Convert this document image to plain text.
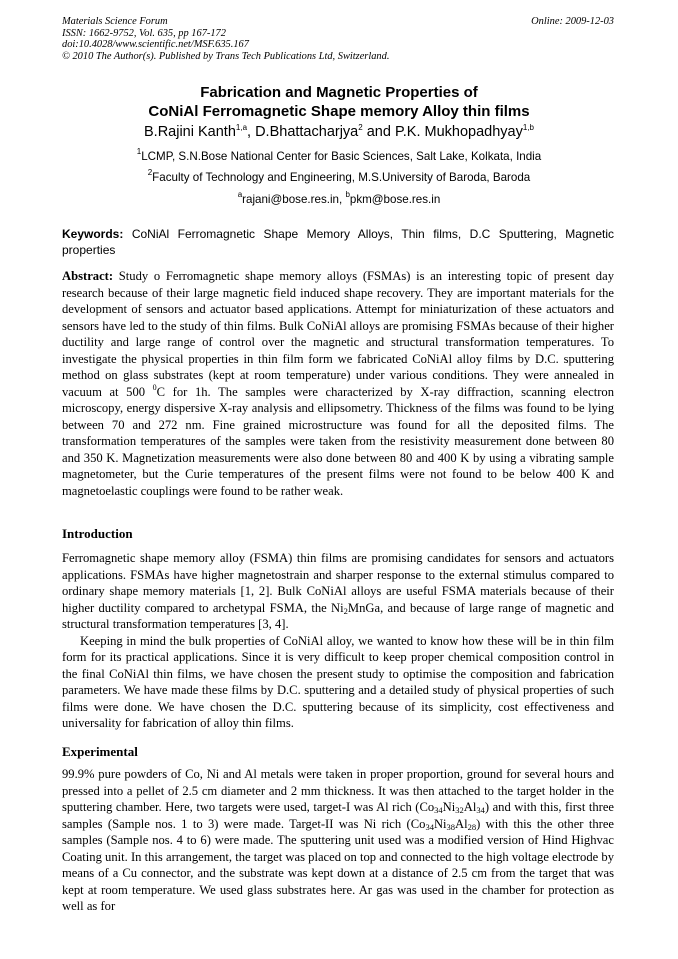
Materials Science Forum
ISSN: 1662-9752, Vol. 635, pp 167-172
doi:10.4028/www.scientific.net/MSF.635.167
© 2010 The Author(s). Published by Trans Tech Publications Ltd, Switzerland.
Online: 2009-12-03
Fabrication and Magnetic Properties of
CoNiAl Ferromagnetic Shape memory Alloy thin films
B.Rajini Kanth$^{1,a}$, D.Bhattacharjya$^2$ and P.K. Mukhopadhyay$^{1,b}$
$^1$LCMP, S.N.Bose National Center for Basic Sciences, Salt Lake, Kolkata, India
$^2$Faculty of Technology and Engineering, M.S.University of Baroda, Baroda
$^a$rajani@bose.res.in, $^b$pkm@bose.res.in
Keywords: CoNiAl Ferromagnetic Shape Memory Alloys, Thin films, D.C Sputtering, Magnetic properties
Abstract: Study o Ferromagnetic shape memory alloys (FSMAs) is an interesting topic of present day research because of their large magnetic field induced shape recovery. They are important materials for the development of sensors and actuator based applications. Attempt for miniaturization of these actuators and sensors have led to the study of thin films. Bulk CoNiAl alloys are promising FSMAs because of their higher ductility and large range of control over the magnetic and structural transformation temperatures. To investigate the physical properties in thin film form we fabricated CoNiAl alloy films by D.C. sputtering method on glass substrates (kept at room temperature) under various conditions. They were annealed in vacuum at 500 $^0$C for 1h. The samples were characterized by X-ray diffraction, scanning electron microscopy, energy dispersive X-ray analysis and ellipsometry. Thickness of the films was found to be lying between 70 and 272 nm. Fine grained microstructure was found for all the deposited films. The transformation temperatures of the samples were taken from the resistivity measurement done between 80 and 350 K. Magnetization measurements were also done between 80 and 400 K by using a vibrating sample magnetometer, but the Curie temperatures of the present films were not found to be below 400 K and magnetoelastic couplings were found to be rather weak.
Introduction
Ferromagnetic shape memory alloy (FSMA) thin films are promising candidates for sensors and actuators applications. FSMAs have higher magnetostrain and sharper response to the external stimulus compared to ordinary shape memory materials [1, 2]. Bulk CoNiAl alloys are useful FSMA materials because of their higher ductility compared to archetypal FSMA, the $Ni_2MnGa$, and because of large range of magnetic and structural transformation temperatures [3, 4].
Keeping in mind the bulk properties of CoNiAl alloy, we wanted to know how these will be in thin film form for its practical applications. Since it is very difficult to keep proper chemical composition control in the final CoNiAl thin films, we have chosen the present study to optimise the composition and fabrication parameters. We have made these films by D.C. sputtering and a detailed study of physical properties of such films were done. We have chosen the D.C. sputtering because of its simplicity, cost effectiveness and universality for fabrication of alloy thin films.
Experimental
99.9% pure powders of Co, Ni and Al metals were taken in proper proportion, ground for several hours and pressed into a pellet of 2.5 cm diameter and 2 mm thickness. It was then attached to the target holder in the sputtering chamber. Here, two targets were used, target-I was Al rich $(Co_{34}Ni_{32}Al_{34})$ and with this, first three samples (Sample nos. 1 to 3) were made. Target-II was Ni rich $(Co_{34}Ni_{38}Al_{28})$ with this the other three samples (Sample nos. 4 to 6) were made. The sputtering unit used was a modified version of Hind Highvac Coating unit. In this arrangement, the target was placed on top and connected to the high voltage electrode by means of a Cu connector, and the substrate was kept down at a distance of 2.5 cm from the target that was kept at room temperature. We used glass substrates here. Ar gas was used in the chamber for protection as well as for
